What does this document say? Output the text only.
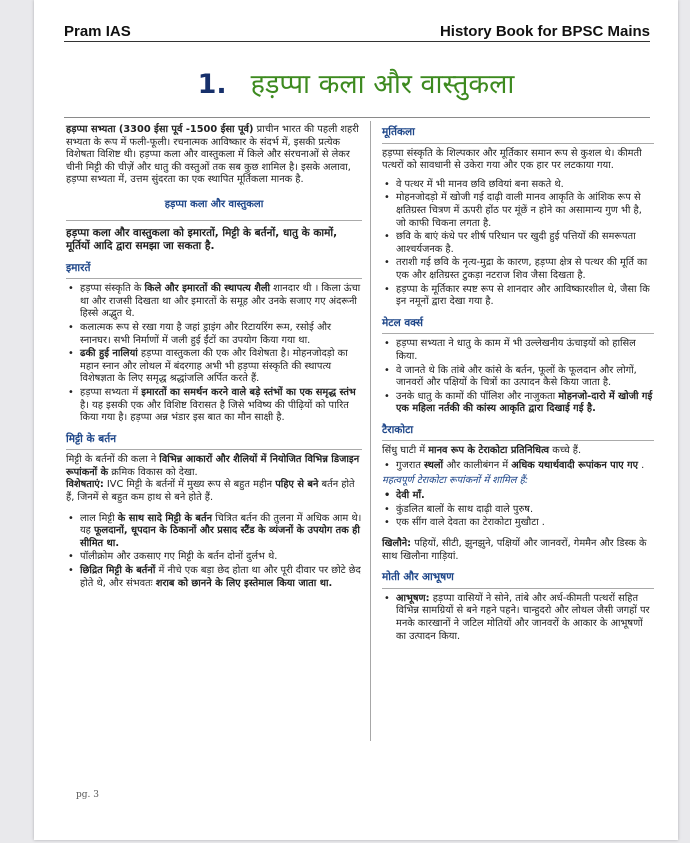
Pram IAS	History Book for BPSC Mains
1. हड़प्पा कला और वास्तुकला

हड़प्पा सभ्यता (3300 ईसा पूर्व -1500 ईसा पूर्व) प्राचीन भारत की पहली शहरी सभ्यता के रूप में फली-फूली। रचनात्मक आविष्कार के संदर्भ में, इसकी प्रत्येक विशेषता विशिष्ट थी। हड़प्पा कला और वास्तुकला में किले और संरचनाओं से लेकर चीनी मिट्टी की चीज़ें और धातु की वस्तुओं तक सब कुछ शामिल है। इसके अलावा, हड़प्पा सभ्यता में, उत्तम सुंदरता का एक स्थापित मूर्तिकला मानक है.

हड़प्पा कला और वास्तुकला
हड़प्पा कला और वास्तुकला को इमारतों, मिट्टी के बर्तनों, धातु के कामों, मूर्तियों आदि द्वारा समझा जा सकता है.
इमारतें
• हड़प्पा संस्कृति के किले और इमारतों की स्थापत्य शैली शानदार थी । किला ऊंचा था और राजसी दिखता था और इमारतों के समूह और उनके सजाए गए अंदरूनी हिस्से अद्भुत थे.
• कलात्मक रूप से रखा गया है जहां ड्राइंग और रिटायरिंग रूम, रसोई और स्नानघर। सभी निर्माणों में जली हुई ईंटों का उपयोग किया गया था.
• ढकी हुई नालियां हड़प्पा वास्तुकला की एक और विशेषता है। मोहनजोदड़ो का महान स्नान और लोथल में बंदरगाह अभी भी हड़प्पा संस्कृति की स्थापत्य विशेषज्ञता के लिए समृद्ध श्रद्धांजलि अर्पित करते हैं.
• हड़प्पा सभ्यता में इमारतों का समर्थन करने वाले बड़े स्तंभों का एक समृद्ध स्तंभ है। यह इसकी एक और विशिष्ट विरासत है जिसे भविष्य की पीढ़ियों को पारित किया गया है। हड़प्पा अन्न भंडार इस बात का मौन साक्षी है.
मिट्टी के बर्तन

मिट्टी के बर्तनों की कला ने विभिन्न आकारों और शैलियों में नियोजित विभिन्न डिजाइन रूपांकनों के क्रमिक विकास को देखा.
विशेषताएं: IVC मिट्टी के बर्तनों में मुख्य रूप से बहुत महीन पहिए से बने बर्तन होते हैं, जिनमें से बहुत कम हाथ से बने होते हैं.

• लाल मिट्टी के साथ सादे मिट्टी के बर्तन चित्रित बर्तन की तुलना में अधिक आम थे। यह फूलदानों, धूपदान के ठिकानों और प्रसाद स्टैंड के व्यंजनों के उपयोग तक ही सीमित था.
• पॉलीक्रोम और उकसाए गए मिट्टी के बर्तन दोनों दुर्लभ थे.
• छिद्रित मिट्टी के बर्तनों में नीचे एक बड़ा छेद होता था और पूरी दीवार पर छोटे छेद होते थे, और संभवतः शराब को छानने के लिए इस्तेमाल किया जाता था.
मूर्तिकला

हड़प्पा संस्कृति के शिल्पकार और मूर्तिकार समान रूप से कुशल थे। कीमती पत्थरों को सावधानी से उकेरा गया और एक हार पर लटकाया गया.

• वे पत्थर में भी मानव छवि छवियां बना सकते थे.
• मोहनजोदड़ो में खोजी गई दाढ़ी वाली मानव आकृति के आंशिक रूप से क्षतिग्रस्त चित्रण में ऊपरी होंठ पर मूंछें न होने का असामान्य गुण भी है, जो काफी चिकना लगता है.
• छवि के बाएं कंधे पर शीर्ष परिधान पर खुदी हुई पत्तियों की समरूपता आश्चर्यजनक है.
• तराशी गई छवि के नृत्य-मुद्रा के कारण, हड़प्पा क्षेत्र से पत्थर की मूर्ति का एक और क्षतिग्रस्त टुकड़ा नटराज शिव जैसा दिखता है.
• हड़प्पा के मूर्तिकार स्पष्ट रूप से शानदार और आविष्कारशील थे, जैसा कि इन नमूनों द्वारा देखा गया है.
मेटल वर्क्स
• हड़प्पा सभ्यता ने धातु के काम में भी उल्लेखनीय ऊंचाइयों को हासिल किया.
• वे जानते थे कि तांबे और कांसे के बर्तन, फूलों के फूलदान और लोगों, जानवरों और पक्षियों के चित्रों का उत्पादन कैसे किया जाता है.
• उनके धातु के कामों की पॉलिश और नाजुकता मोहनजो-दारो में खोजी गई एक महिला नर्तकी की कांस्य आकृति द्वारा दिखाई गई है.
टैराकोटा

सिंधु घाटी में मानव रूप के टेराकोटा प्रतिनिधित्व कच्चे हैं.

• गुजरात स्थलों और कालीबंगन में अधिक यथार्थवादी रूपांकन पाए गए .
महत्वपूर्ण टेराकोटा रूपांकनों में शामिल हैं:
• देवी माँ.
• कुंडलित बालों के साथ दाढ़ी वाले पुरुष.
• एक सींग वाले देवता का टेराकोटा मुखौटा .

खिलौने: पहियों, सीटी, झुनझुने, पक्षियों और जानवरों, गेममैन और डिस्क के साथ खिलौना गाड़ियां.

मोती और आभूषण
• आभूषण: हड़प्पा वासियों ने सोने, तांबे और अर्ध-कीमती पत्थरों सहित विभिन्न सामग्रियों से बने गहने पहने। चान्हुदरो और लोथल जैसी जगहों पर मनके कारखानों ने जटिल मोतियों और जानवरों के आकार के आभूषणों का उत्पादन किया.
pg. 3
